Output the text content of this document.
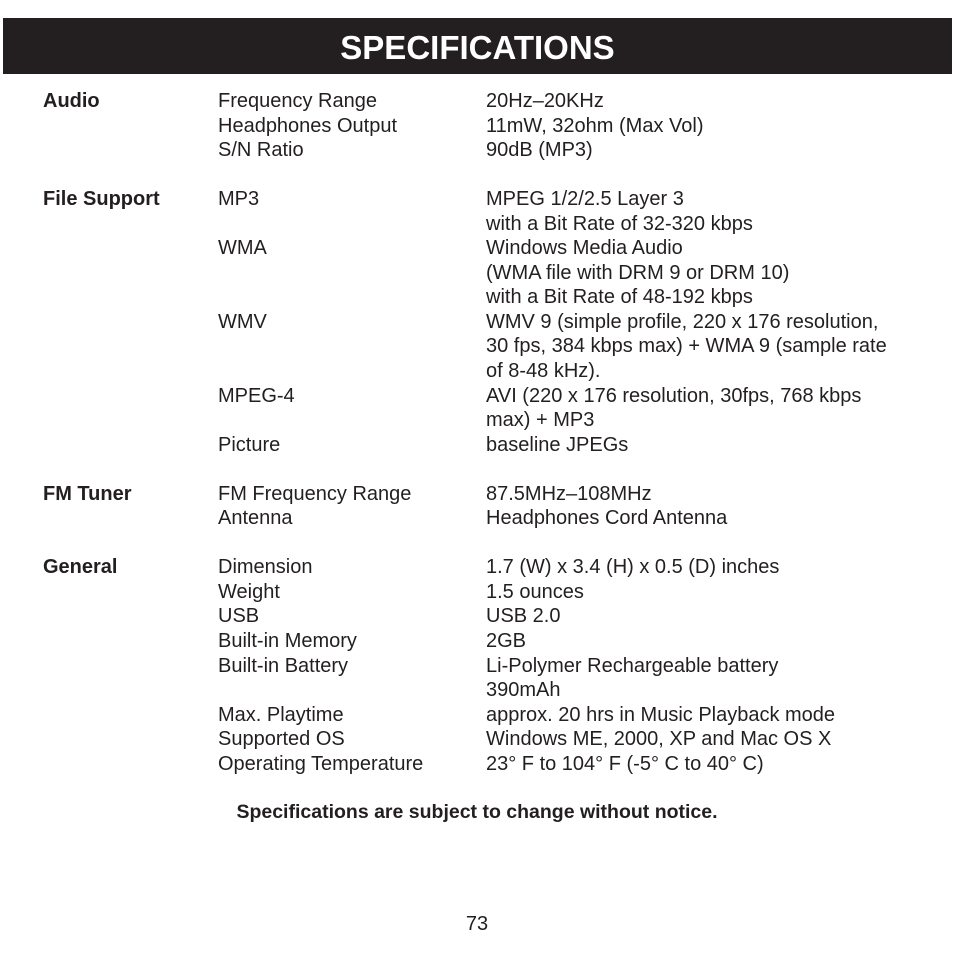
SPECIFICATIONS
Audio	Frequency Range	20Hz–20KHz
Headphones Output	11mW, 32ohm (Max Vol)
S/N Ratio	90dB (MP3)
File Support	MP3	MPEG 1/2/2.5 Layer 3
with a Bit Rate of 32-320 kbps
WMA	Windows Media Audio
(WMA file with DRM 9 or DRM 10)
with a Bit Rate of 48-192 kbps
WMV	WMV 9 (simple profile, 220 x 176 resolution,
30 fps, 384 kbps max) + WMA 9 (sample rate
of 8-48 kHz).
MPEG-4	AVI (220 x 176 resolution, 30fps, 768 kbps
max) + MP3
Picture	baseline JPEGs
FM Tuner	FM Frequency Range	87.5MHz–108MHz
Antenna	Headphones Cord Antenna
General	Dimension	1.7 (W) x 3.4 (H) x 0.5 (D) inches
Weight	1.5 ounces
USB	USB 2.0
Built-in Memory	2GB
Built-in Battery	Li-Polymer Rechargeable battery
390mAh
Max. Playtime	approx. 20 hrs in Music Playback mode
Supported OS	Windows ME, 2000, XP and Mac OS X
Operating Temperature	23° F to 104° F (-5° C to 40° C)
Specifications are subject to change without notice.
73
